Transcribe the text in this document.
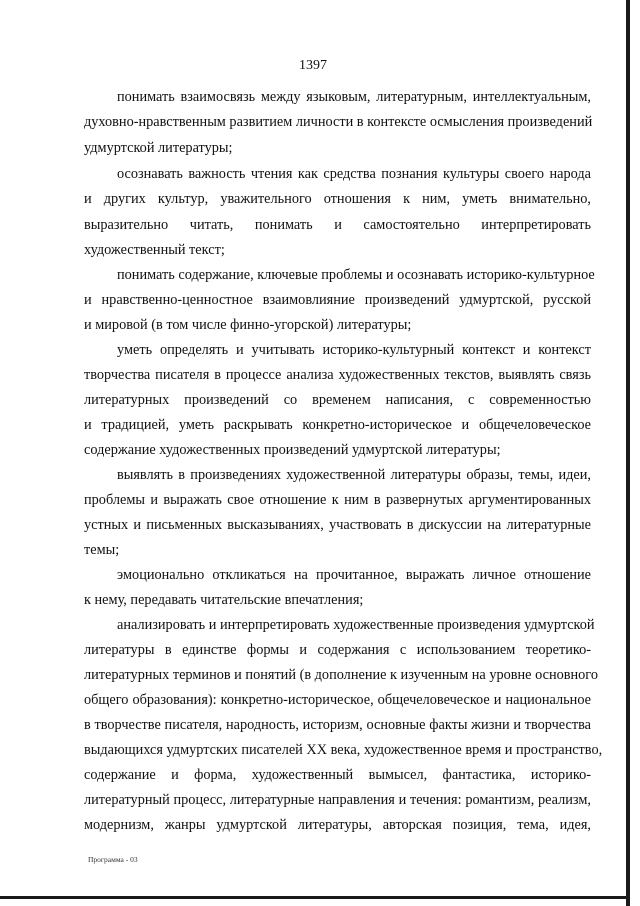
1397
понимать взаимосвязь между языковым, литературным, интеллектуальным,
духовно-нравственным развитием личности в контексте осмысления произведений
удмуртской литературы;
осознавать важность чтения как средства познания культуры своего народа
и других культур, уважительного отношения к ним, уметь внимательно,
выразительно читать, понимать и самостоятельно интерпретировать
художественный текст;
понимать содержание, ключевые проблемы и осознавать историко-культурное
и нравственно-ценностное взаимовлияние произведений удмуртской, русской
и мировой (в том числе финно-угорской) литературы;
уметь определять и учитывать историко-культурный контекст и контекст
творчества писателя в процессе анализа художественных текстов, выявлять связь
литературных произведений со временем написания, с современностью
и традицией, уметь раскрывать конкретно-историческое и общечеловеческое
содержание художественных произведений удмуртской литературы;
выявлять в произведениях художественной литературы образы, темы, идеи,
проблемы и выражать свое отношение к ним в развернутых аргументированных
устных и письменных высказываниях, участвовать в дискуссии на литературные
темы;
эмоционально откликаться на прочитанное, выражать личное отношение
к нему, передавать читательские впечатления;
анализировать и интерпретировать художественные произведения удмуртской
литературы в единстве формы и содержания с использованием теоретико-
литературных терминов и понятий (в дополнение к изученным на уровне основного
общего образования): конкретно-историческое, общечеловеческое и национальное
в творчестве писателя, народность, историзм, основные факты жизни и творчества
выдающихся удмуртских писателей XX века, художественное время и пространство,
содержание и форма, художественный вымысел, фантастика, историко-
литературный процесс, литературные направления и течения: романтизм, реализм,
модернизм, жанры удмуртской литературы, авторская позиция, тема, идея,
Программа - 03
